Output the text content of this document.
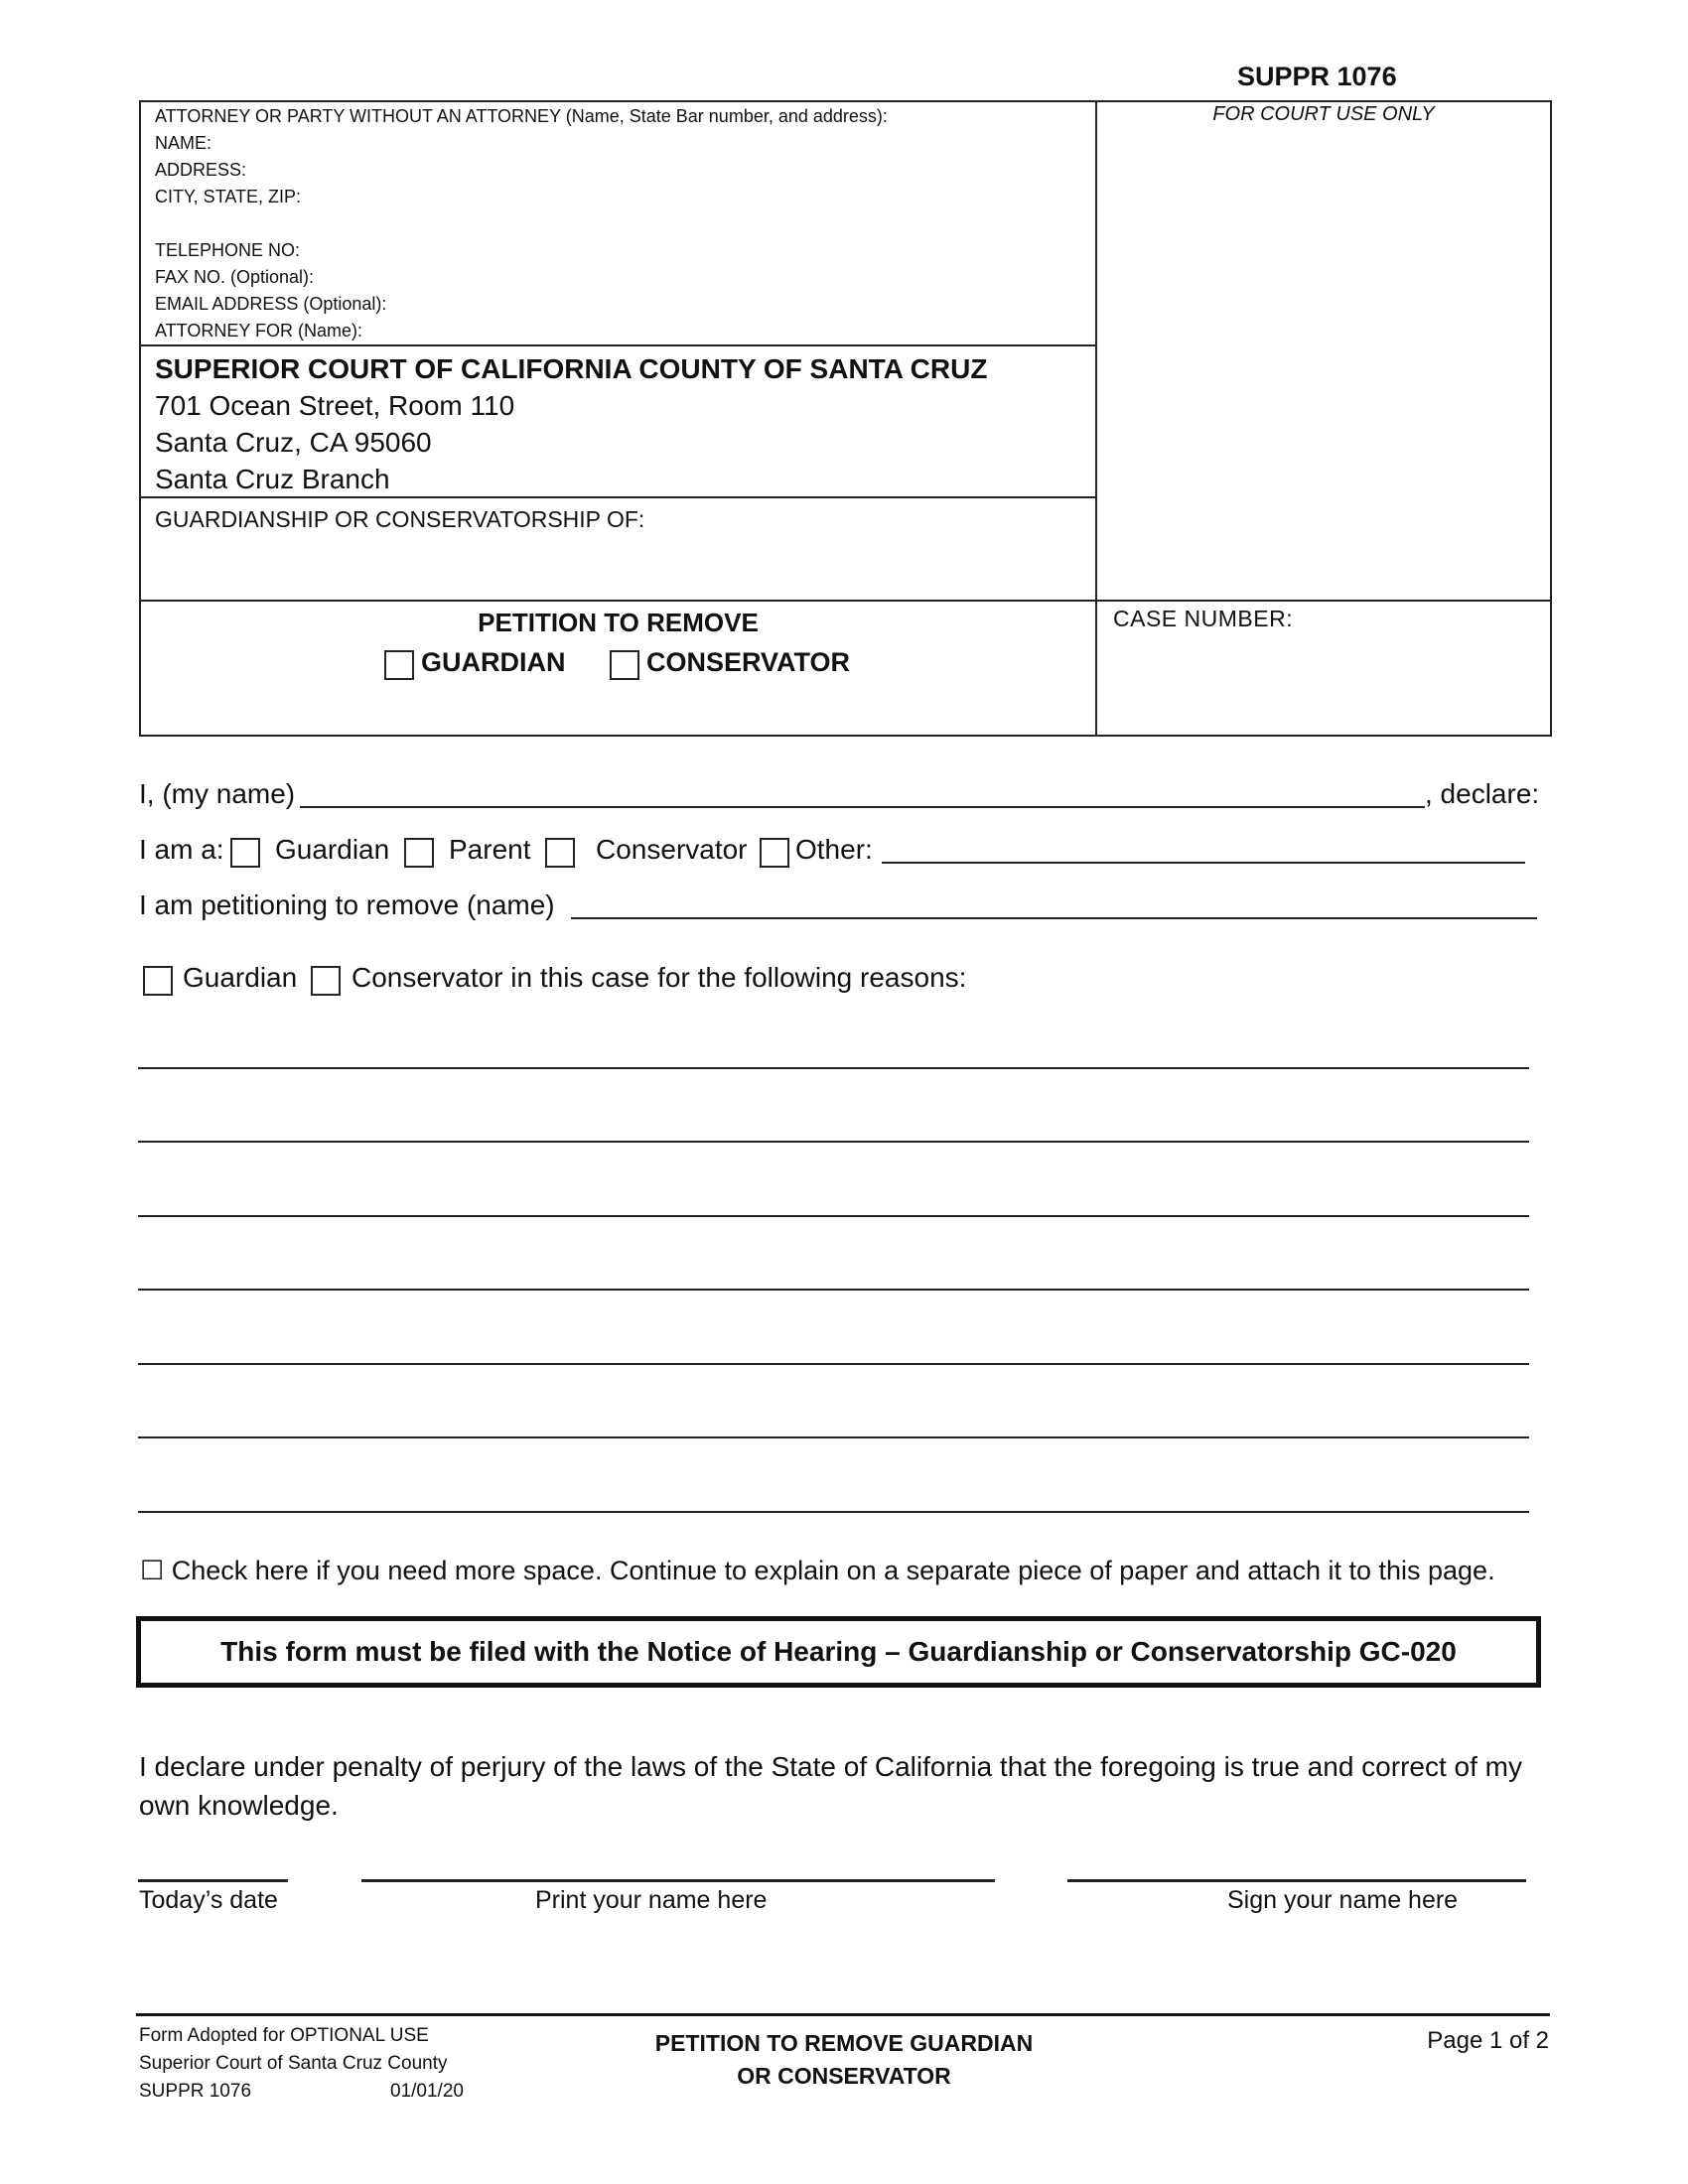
SUPPR 1076
ATTORNEY OR PARTY WITHOUT AN ATTORNEY (Name, State Bar number, and address):
NAME:
ADDRESS:
CITY, STATE, ZIP:
TELEPHONE NO:
FAX NO. (Optional):
EMAIL ADDRESS (Optional):
ATTORNEY FOR (Name):
FOR COURT USE ONLY
SUPERIOR COURT OF CALIFORNIA COUNTY OF SANTA CRUZ
701 Ocean Street, Room 110
Santa Cruz, CA 95060
Santa Cruz Branch
GUARDIANSHIP OR CONSERVATORSHIP OF:
PETITION TO REMOVE
GUARDIAN	CONSERVATOR
CASE NUMBER:
I, (my name)	, declare:
I am a: Guardian Parent Conservator Other:
I am petitioning to remove (name)
Guardian Conservator in this case for the following reasons:
☐ Check here if you need more space. Continue to explain on a separate piece of paper and attach it to this page.
This form must be filed with the Notice of Hearing – Guardianship or Conservatorship GC-020
I declare under penalty of perjury of the laws of the State of California that the foregoing is true and correct of my own knowledge.
Today’s date	Print your name here	Sign your name here
Form Adopted for OPTIONAL USE
Superior Court of Santa Cruz County
SUPPR 1076	01/01/20
PETITION TO REMOVE GUARDIAN
OR CONSERVATOR
Page 1 of 2
